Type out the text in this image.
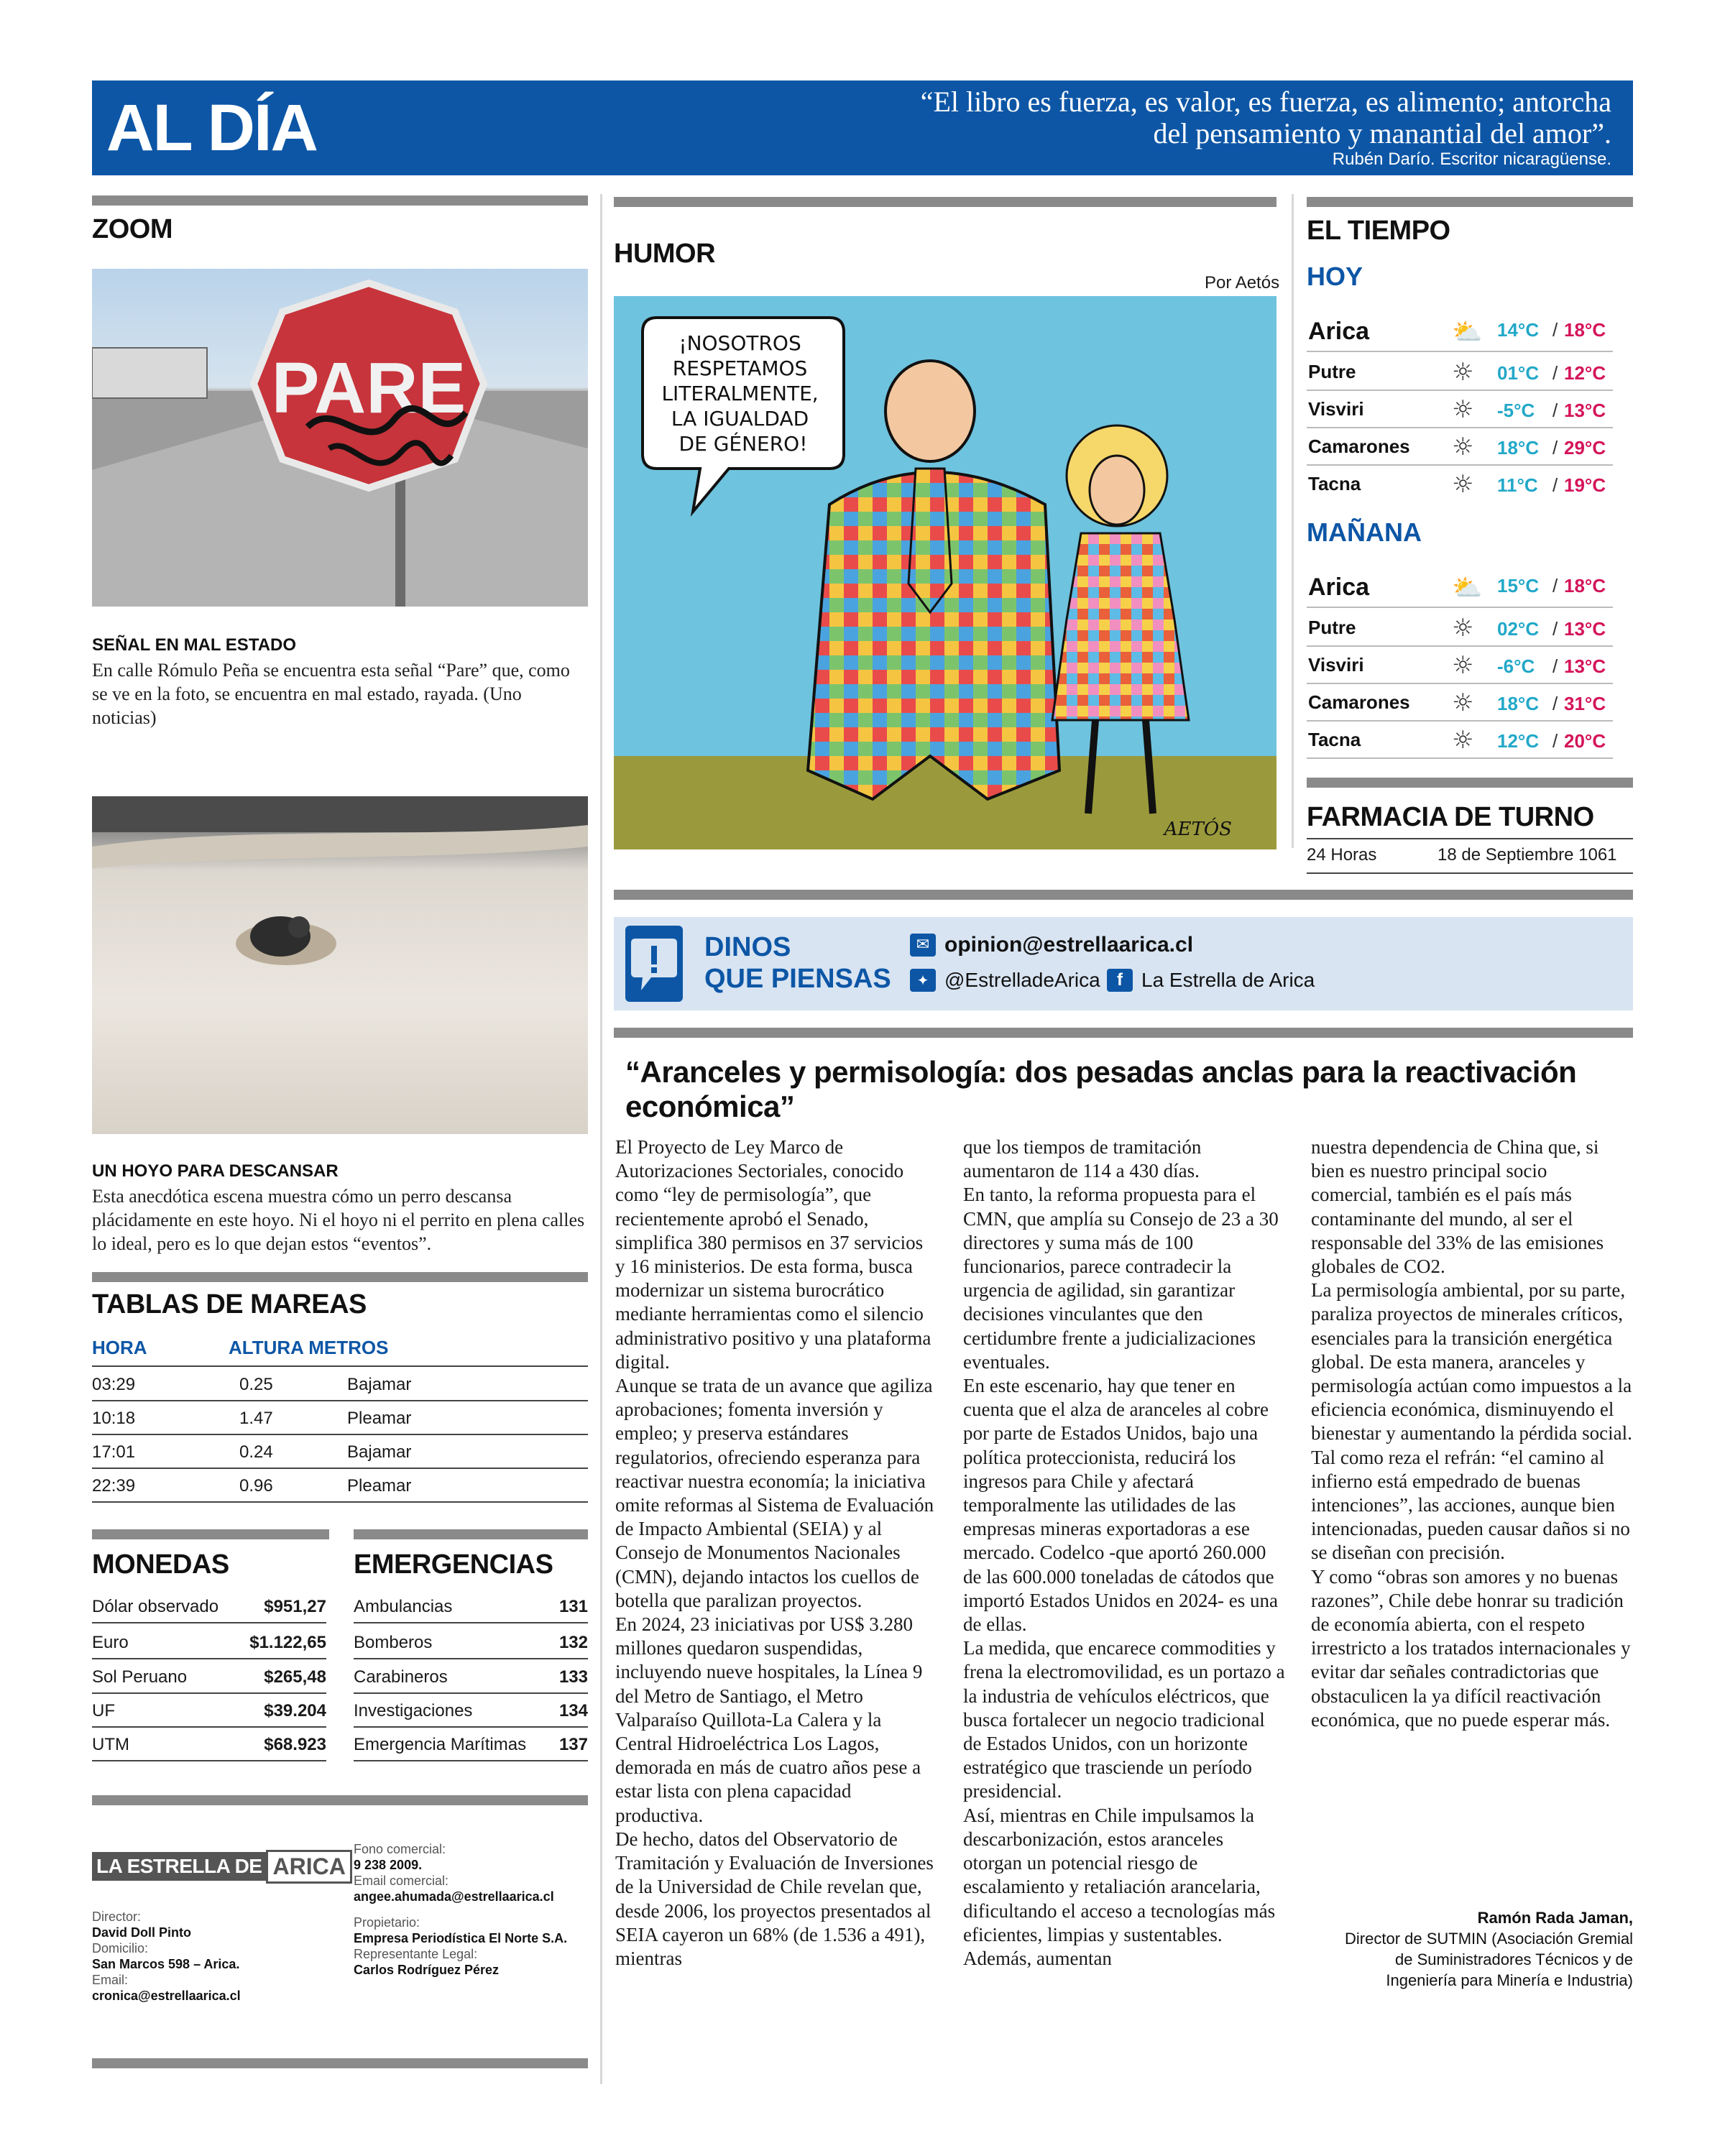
AL DÍA	“El libro es fuerza, es valor, es fuerza, es alimento; antorcha
del pensamiento y manantial del amor”.
Rubén Darío. Escritor nicaragüense.
ZOOM
PARE
SEÑAL EN MAL ESTADO
En calle Rómulo Peña se encuentra esta señal “Pare” que, como se ve en la foto, se encuentra en mal estado, rayada. (Uno noticias)
UN HOYO PARA DESCANSAR
Esta anecdótica escena muestra cómo un perro descansa plácidamente en este hoyo. Ni el hoyo ni el perrito en plena calles lo ideal, pero es lo que dejan estos “eventos”.
TABLAS DE MAREAS
HORA	ALTURA METROS
03:29	0.25	Bajamar
10:18	1.47	Pleamar
17:01	0.24	Bajamar
22:39	0.96	Pleamar
MONEDAS
Dólar observado	$951,27
Euro	$1.122,65
Sol Peruano	$265,48
UF	$39.204
UTM	$68.923
EMERGENCIAS
Ambulancias	131
Bomberos	132
Carabineros	133
Investigaciones	134
Emergencia Marítimas 137
LA ESTRELLA DE ARICA
Director:
David Doll Pinto
Domicilio:
San Marcos 598 – Arica.
Email:
cronica@estrellaarica.cl
Fono comercial:
9 238 2009.
Email comercial:
angee.ahumada@estrellaarica.cl
Propietario:
Empresa Periodística El Norte S.A.
Representante Legal:
Carlos Rodríguez Pérez
HUMOR
Por Aetós
¡NOSOTROS RESPETAMOS LITERALMENTE, LA IGUALDAD DE GÉNERO!
AETÓS
EL TIEMPO
HOY
Arica	⛅ 14°C / 18°C
Putre	☼ 01°C / 12°C
Visviri	☼ -5°C / 13°C
Camarones ☼ 18°C / 29°C
Tacna	☼ 11°C / 19°C
MAÑANA
Arica	⛅ 15°C / 18°C
Putre	☼ 02°C / 13°C
Visviri	☼ -6°C / 13°C
Camarones ☼ 18°C / 31°C
Tacna	☼ 12°C / 20°C
FARMACIA DE TURNO
24 Horas	18 de Septiembre 1061
DINOS
QUE PIENSAS
✉ opinion@estrellaarica.cl
✦ @EstrelladeArica f La Estrella de Arica
“Aranceles y permisología: dos pesadas anclas para la reactivación económica”

El Proyecto de Ley Marco de Autorizaciones Sectoriales, conocido como “ley de permisología”, que recientemente aprobó el Senado, simplifica 380 permisos en 37 servicios y 16 ministerios. De esta forma, busca modernizar un sistema burocrático mediante herramientas como el silencio administrativo positivo y una plataforma digital.

Aunque se trata de un avance que agiliza aprobaciones; fomenta inversión y empleo; y preserva estándares regulatorios, ofreciendo esperanza para reactivar nuestra economía; la iniciativa omite reformas al Sistema de Evaluación de Impacto Ambiental (SEIA) y al Consejo de Monumentos Nacionales (CMN), dejando intactos los cuellos de botella que paralizan proyectos.

En 2024, 23 iniciativas por US$ 3.280 millones quedaron suspendidas, incluyendo nueve hospitales, la Línea 9 del Metro de Santiago, el Metro Valparaíso Quillota-La Calera y la Central Hidroeléctrica Los Lagos, demorada en más de cuatro años pese a estar lista con plena capacidad productiva.

De hecho, datos del Observatorio de Tramitación y Evaluación de Inversiones de la Universidad de Chile revelan que, desde 2006, los proyectos presentados al SEIA cayeron un 68% (de 1.536 a 491), mientras

que los tiempos de tramitación aumentaron de 114 a 430 días.

En tanto, la reforma propuesta para el CMN, que amplía su Consejo de 23 a 30 directores y suma más de 100 funcionarios, parece contradecir la urgencia de agilidad, sin garantizar decisiones vinculantes que den certidumbre frente a judicializaciones eventuales.

En este escenario, hay que tener en cuenta que el alza de aranceles al cobre por parte de Estados Unidos, bajo una política proteccionista, reducirá los ingresos para Chile y afectará temporalmente las utilidades de las empresas mineras exportadoras a ese mercado. Codelco -que aportó 260.000 de las 600.000 toneladas de cátodos que importó Estados Unidos en 2024- es una de ellas.

La medida, que encarece commodities y frena la electromovilidad, es un portazo a la industria de vehículos eléctricos, que busca fortalecer un negocio tradicional de Estados Unidos, con un horizonte estratégico que trasciende un período presidencial.

Así, mientras en Chile impulsamos la descarbonización, estos aranceles otorgan un potencial riesgo de escalamiento y retaliación arancelaria, dificultando el acceso a tecnologías más eficientes, limpias y sustentables. Además, aumentan

nuestra dependencia de China que, si bien es nuestro principal socio comercial, también es el país más contaminante del mundo, al ser el responsable del 33% de las emisiones globales de CO2.

La permisología ambiental, por su parte, paraliza proyectos de minerales críticos, esenciales para la transición energética global. De esta manera, aranceles y permisología actúan como impuestos a la eficiencia económica, disminuyendo el bienestar y aumentando la pérdida social.

Tal como reza el refrán: “el camino al infierno está empedrado de buenas intenciones”, las acciones, aunque bien intencionadas, pueden causar daños si no se diseñan con precisión.

Y como “obras son amores y no buenas razones”, Chile debe honrar su tradición de economía abierta, con el respeto irrestricto a los tratados internacionales y evitar dar señales contradictorias que obstaculicen la ya difícil reactivación económica, que no puede esperar más.

Ramón Rada Jaman,
Director de SUTMIN (Asociación Gremial
de Suministradores Técnicos y de
Ingeniería para Minería e Industria)
